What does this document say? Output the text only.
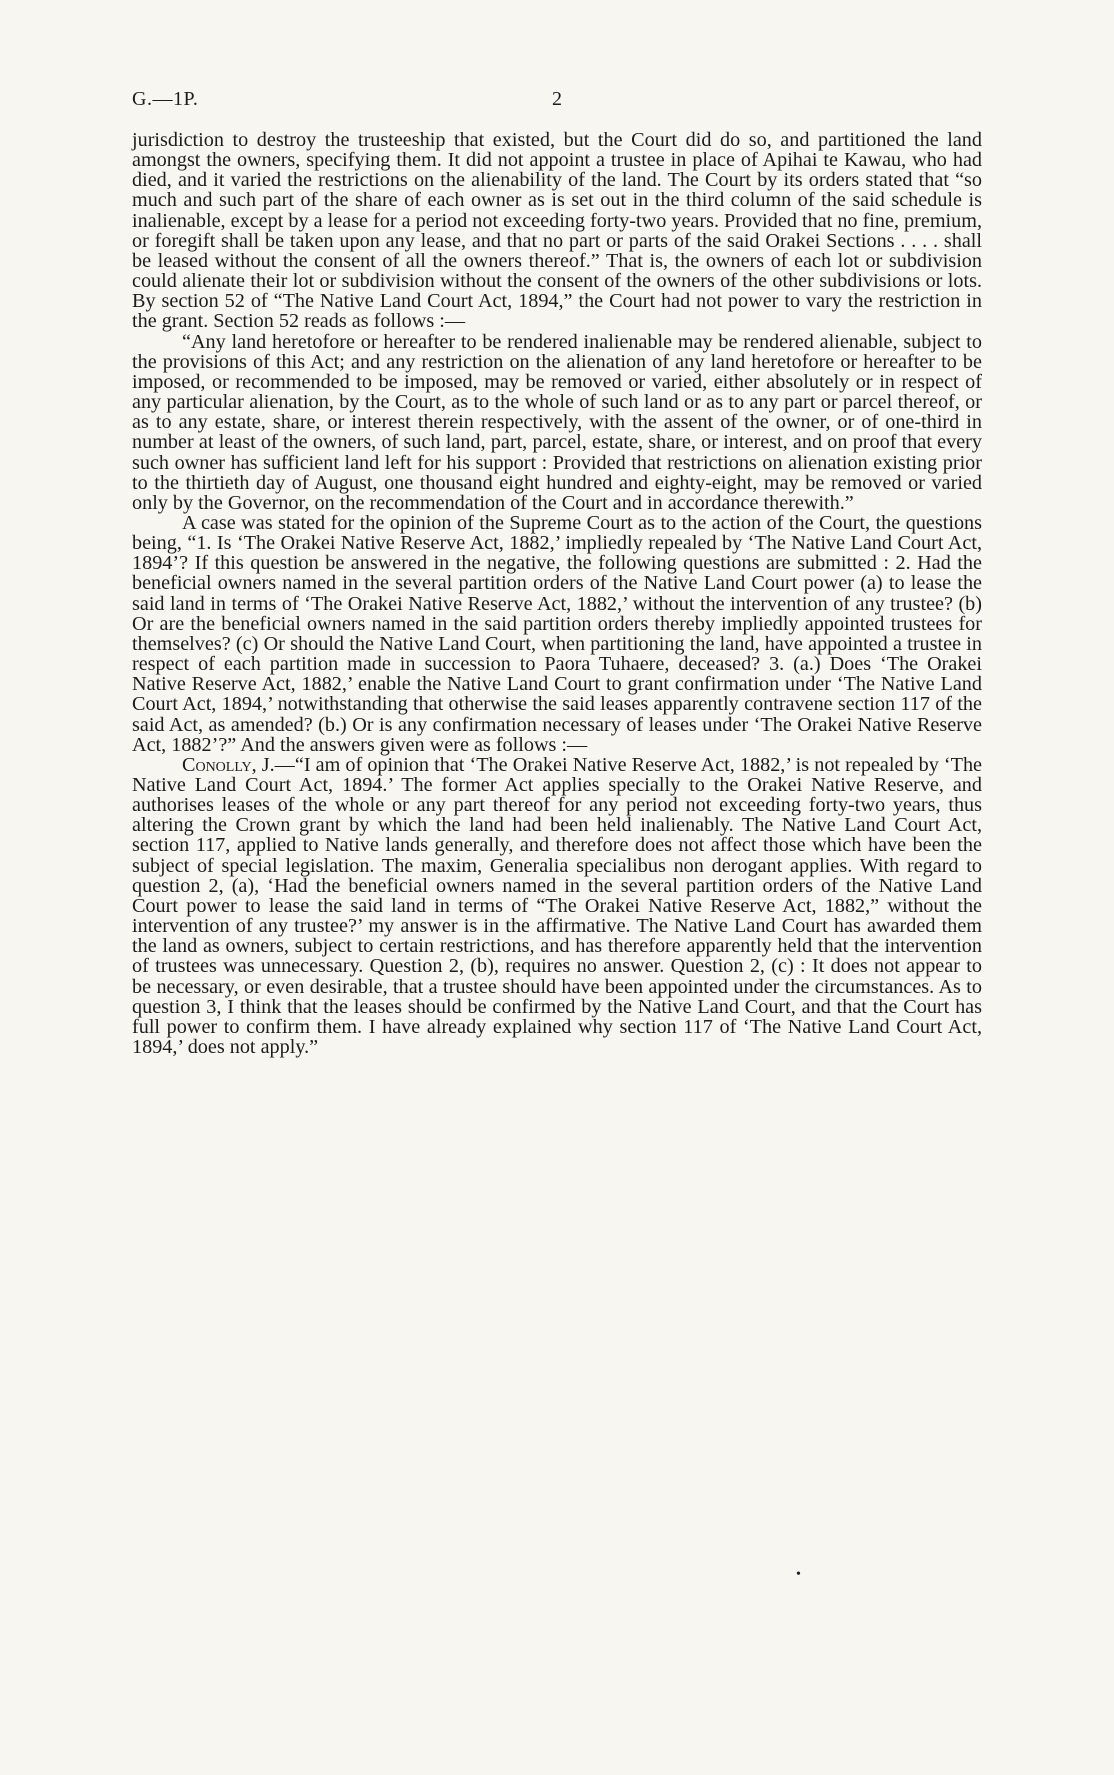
G.—1P.	2

jurisdiction to destroy the trusteeship that existed, but the Court did do so, and partitioned the land amongst the owners, specifying them. It did not appoint a trustee in place of Apihai te Kawau, who had died, and it varied the restrictions on the alienability of the land. The Court by its orders stated that “so much and such part of the share of each owner as is set out in the third column of the said schedule is inalienable, except by a lease for a period not exceeding forty-two years. Provided that no fine, premium, or foregift shall be taken upon any lease, and that no part or parts of the said Orakei Sections . . . . shall be leased without the consent of all the owners thereof.” That is, the owners of each lot or subdivision could alienate their lot or subdivision without the consent of the owners of the other subdivisions or lots. By section 52 of “The Native Land Court Act, 1894,” the Court had not power to vary the restriction in the grant. Section 52 reads as follows :—

“Any land heretofore or hereafter to be rendered inalienable may be rendered alienable, subject to the provisions of this Act; and any restriction on the alienation of any land heretofore or hereafter to be imposed, or recommended to be imposed, may be removed or varied, either absolutely or in respect of any particular alienation, by the Court, as to the whole of such land or as to any part or parcel thereof, or as to any estate, share, or interest therein respectively, with the assent of the owner, or of one-third in number at least of the owners, of such land, part, parcel, estate, share, or interest, and on proof that every such owner has sufficient land left for his support : Provided that restrictions on alienation existing prior to the thirtieth day of August, one thousand eight hundred and eighty-eight, may be removed or varied only by the Governor, on the recommendation of the Court and in accordance therewith.”

A case was stated for the opinion of the Supreme Court as to the action of the Court, the questions being, “1. Is ‘The Orakei Native Reserve Act, 1882,’ impliedly repealed by ‘The Native Land Court Act, 1894’? If this question be answered in the negative, the following questions are submitted : 2. Had the beneficial owners named in the several partition orders of the Native Land Court power (a) to lease the said land in terms of ‘The Orakei Native Reserve Act, 1882,’ without the intervention of any trustee? (b) Or are the beneficial owners named in the said partition orders thereby impliedly appointed trustees for themselves? (c) Or should the Native Land Court, when partitioning the land, have appointed a trustee in respect of each partition made in succession to Paora Tuhaere, deceased? 3. (a.) Does ‘The Orakei Native Reserve Act, 1882,’ enable the Native Land Court to grant confirmation under ‘The Native Land Court Act, 1894,’ notwithstanding that otherwise the said leases apparently contravene section 117 of the said Act, as amended? (b.) Or is any confirmation necessary of leases under ‘The Orakei Native Reserve Act, 1882’?” And the answers given were as follows :—

Conolly, J.—“I am of opinion that ‘The Orakei Native Reserve Act, 1882,’ is not repealed by ‘The Native Land Court Act, 1894.’ The former Act applies specially to the Orakei Native Reserve, and authorises leases of the whole or any part thereof for any period not exceeding forty-two years, thus altering the Crown grant by which the land had been held inalienably. The Native Land Court Act, section 117, applied to Native lands generally, and therefore does not affect those which have been the subject of special legislation. The maxim, Generalia specialibus non derogant applies. With regard to question 2, (a), ‘Had the beneficial owners named in the several partition orders of the Native Land Court power to lease the said land in terms of “The Orakei Native Reserve Act, 1882,” without the intervention of any trustee?’ my answer is in the affirmative. The Native Land Court has awarded them the land as owners, subject to certain restrictions, and has therefore apparently held that the intervention of trustees was unnecessary. Question 2, (b), requires no answer. Question 2, (c) : It does not appear to be necessary, or even desirable, that a trustee should have been appointed under the circumstances. As to question 3, I think that the leases should be confirmed by the Native Land Court, and that the Court has full power to confirm them. I have already explained why section 117 of ‘The Native Land Court Act, 1894,’ does not apply.”

•
